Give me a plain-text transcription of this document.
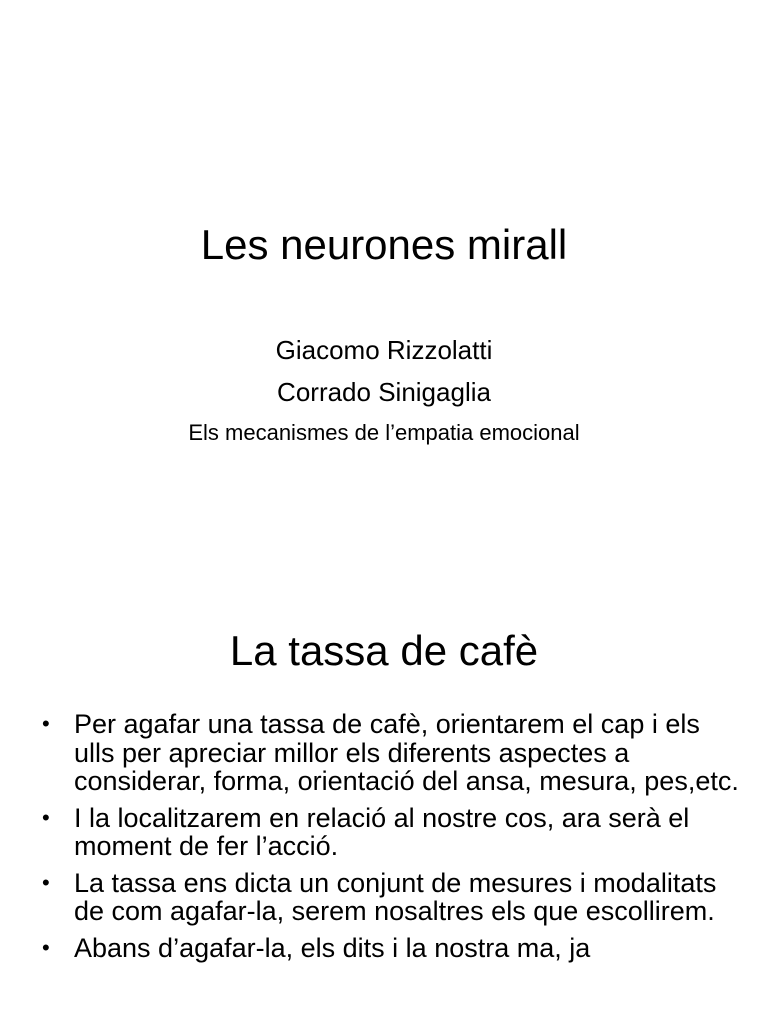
Les neurones mirall

Giacomo Rizzolatti

Corrado Sinigaglia

Els mecanismes de l’empatia emocional

La tassa de cafè
• Per agafar una tassa de cafè, orientarem el cap i els ulls per apreciar millor els diferents aspectes a considerar, forma, orientació del ansa, mesura, pes,etc.
• I la localitzarem en relació al nostre cos, ara serà el moment de fer l’acció.
• La tassa ens dicta un conjunt de mesures i modalitats de com agafar-la, serem nosaltres els que escollirem.
• Abans d’agafar-la, els dits i la nostra ma, ja
